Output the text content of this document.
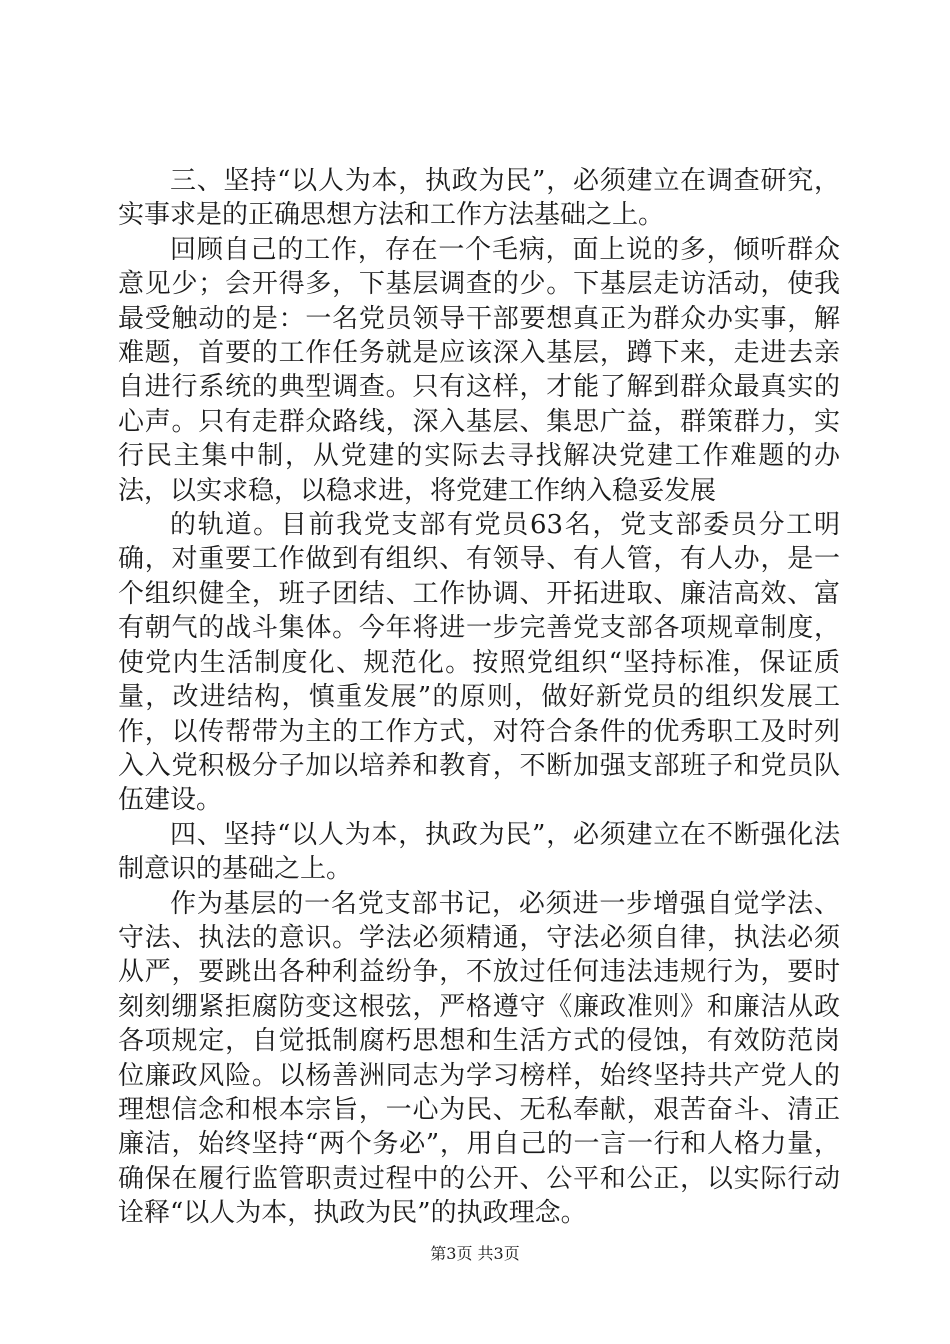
三、坚持“以人为本，执政为民”，必须建立在调查研究，实事求是的正确思想方法和工作方法基础之上。

回顾自己的工作，存在一个毛病，面上说的多，倾听群众意见少；会开得多，下基层调查的少。下基层走访活动，使我最受触动的是：一名党员领导干部要想真正为群众办实事，解难题，首要的工作任务就是应该深入基层，蹲下来，走进去亲自进行系统的典型调查。只有这样，才能了解到群众最真实的心声。只有走群众路线，深入基层、集思广益，群策群力，实行民主集中制，从党建的实际去寻找解决党建工作难题的办法，以实求稳，以稳求进，将党建工作纳入稳妥发展

的轨道。目前我党支部有党员63名，党支部委员分工明确，对重要工作做到有组织、有领导、有人管，有人办，是一个组织健全，班子团结、工作协调、开拓进取、廉洁高效、富有朝气的战斗集体。今年将进一步完善党支部各项规章制度，使党内生活制度化、规范化。按照党组织“坚持标准，保证质量，改进结构，慎重发展”的原则，做好新党员的组织发展工作，以传帮带为主的工作方式，对符合条件的优秀职工及时列入入党积极分子加以培养和教育，不断加强支部班子和党员队伍建设。

四、坚持“以人为本，执政为民”，必须建立在不断强化法制意识的基础之上。

作为基层的一名党支部书记，必须进一步增强自觉学法、守法、执法的意识。学法必须精通，守法必须自律，执法必须从严，要跳出各种利益纷争，不放过任何违法违规行为，要时刻刻绷紧拒腐防变这根弦，严格遵守《廉政准则》和廉洁从政各项规定，自觉抵制腐朽思想和生活方式的侵蚀，有效防范岗位廉政风险。以杨善洲同志为学习榜样，始终坚持共产党人的理想信念和根本宗旨，一心为民、无私奉献，艰苦奋斗、清正廉洁，始终坚持“两个务必”，用自己的一言一行和人格力量，确保在履行监管职责过程中的公开、公平和公正，以实际行动诠释“以人为本，执政为民”的执政理念。

第3页 共3页
